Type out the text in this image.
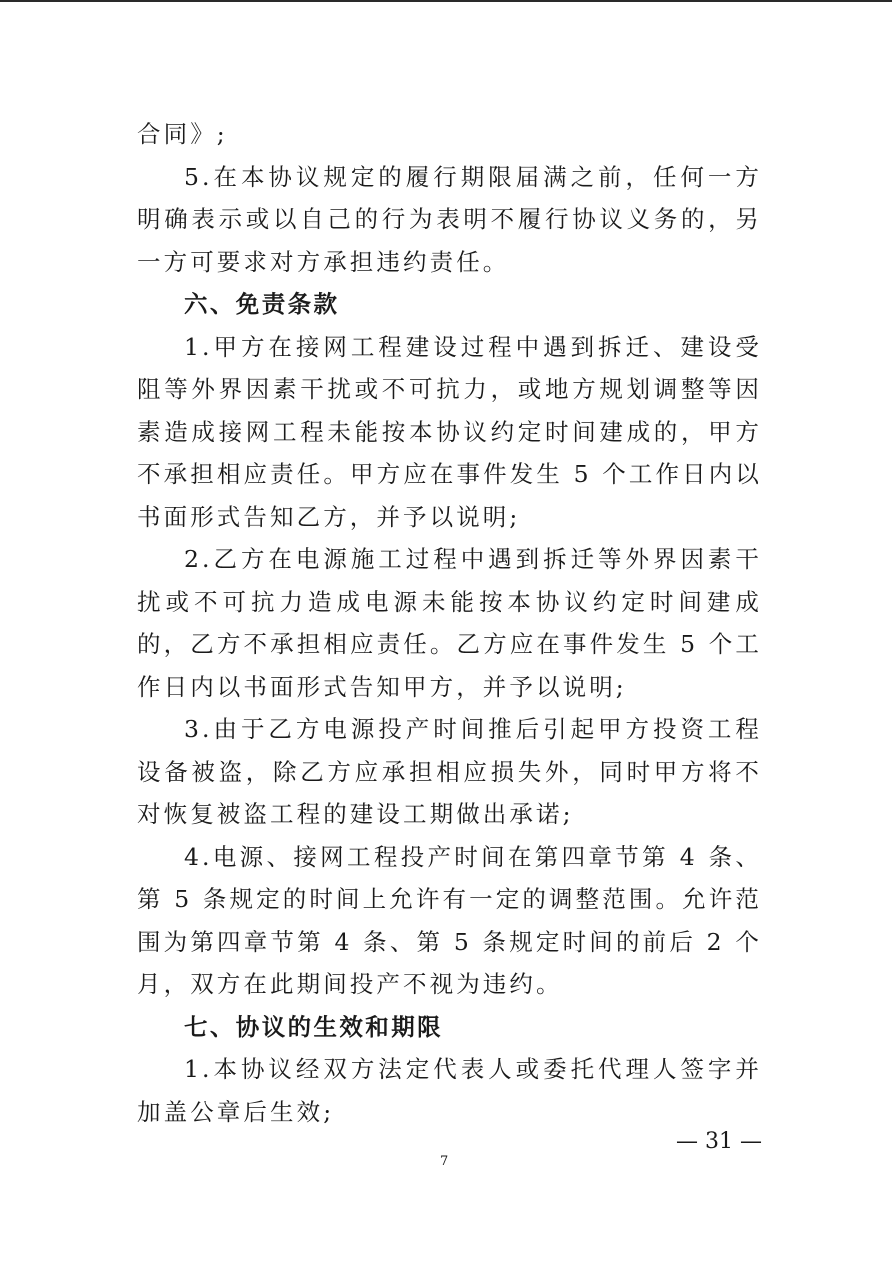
合同》;

5.在本协议规定的履行期限届满之前，任何一方明确表示或以自己的行为表明不履行协议义务的，另一方可要求对方承担违约责任。

六、免责条款

1.甲方在接网工程建设过程中遇到拆迁、建设受阻等外界因素干扰或不可抗力，或地方规划调整等因素造成接网工程未能按本协议约定时间建成的，甲方不承担相应责任。甲方应在事件发生 5 个工作日内以书面形式告知乙方，并予以说明;

2.乙方在电源施工过程中遇到拆迁等外界因素干扰或不可抗力造成电源未能按本协议约定时间建成的，乙方不承担相应责任。乙方应在事件发生 5 个工作日内以书面形式告知甲方，并予以说明;

3.由于乙方电源投产时间推后引起甲方投资工程设备被盗，除乙方应承担相应损失外，同时甲方将不对恢复被盗工程的建设工期做出承诺;

4.电源、接网工程投产时间在第四章节第 4 条、第 5 条规定的时间上允许有一定的调整范围。允许范围为第四章节第 4 条、第 5 条规定时间的前后 2 个月，双方在此期间投产不视为违约。

七、协议的生效和期限

1.本协议经双方法定代表人或委托代理人签字并加盖公章后生效;

— 31 —
7
